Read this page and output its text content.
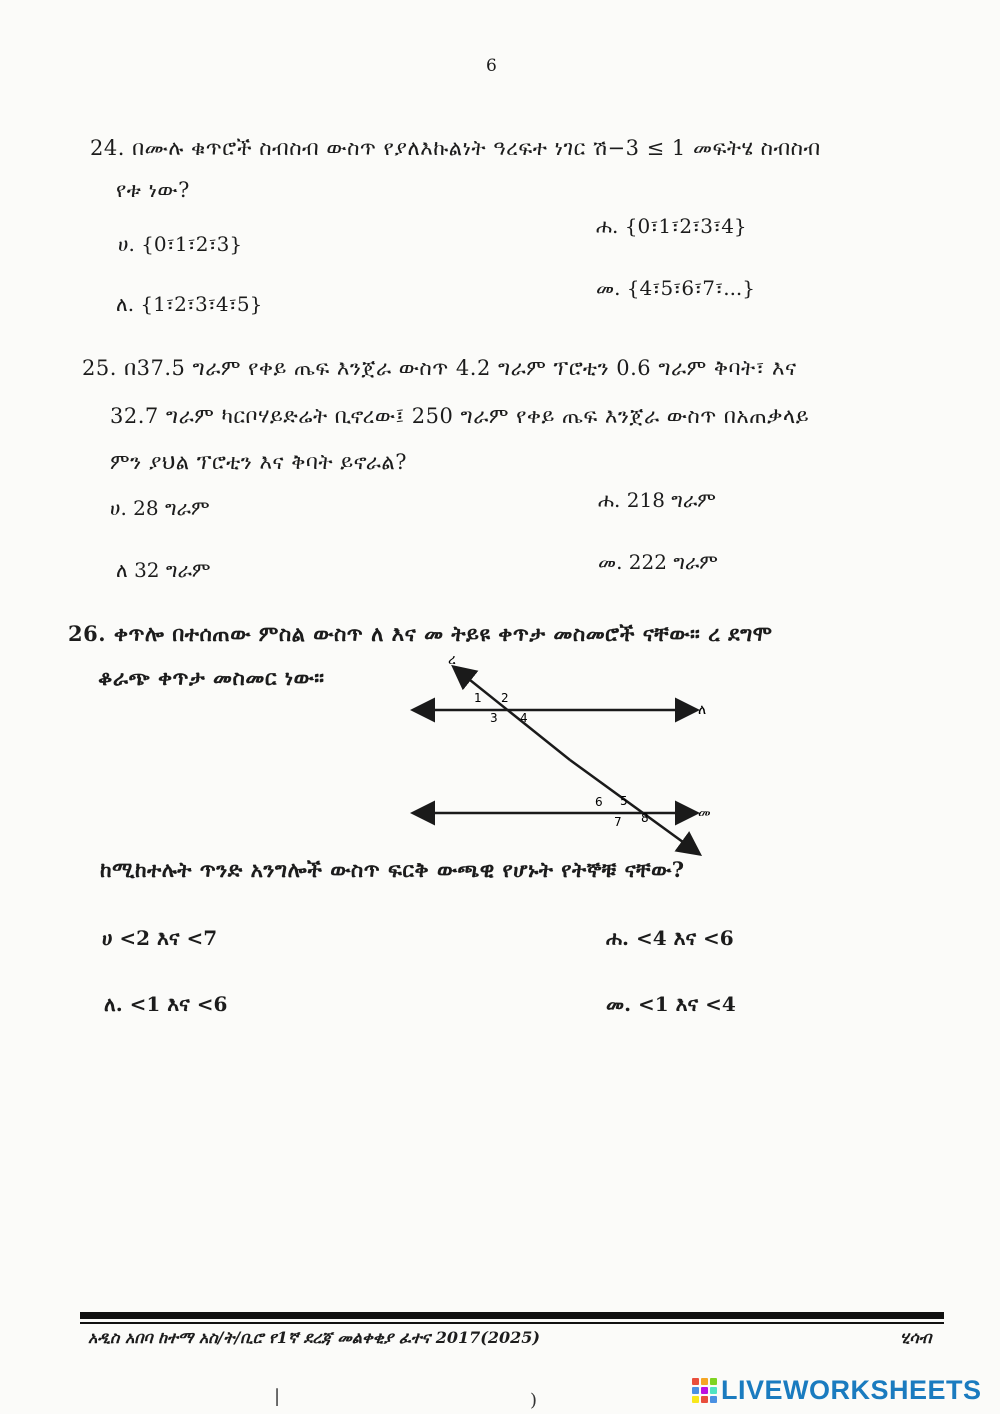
6
24. በሙሉ ቁጥሮች ስብስብ ውስጥ የያለእኩልነት ዓረፍተ ነገር ሽ−3 ≤ 1 መፍትሄ ስብስብ
የቱ ነው?
ሀ. {0፣1፣2፣3}
ለ. {1፣2፣3፣4፣5}
ሐ. {0፣1፣2፣3፣4}
መ. {4፣5፣6፣7፣...}
25. በ37.5 ግራም የቀይ ጤፍ እንጀራ ውስጥ 4.2 ግራም ፕሮቲን 0.6 ግራም ቅባት፣ እና
32.7 ግራም ካርቦሃይድሬት ቢኖረው፤ 250 ግራም የቀይ ጤፍ እንጀራ ውስጥ በአጠቃላይ
ምን ያህል ፕሮቲን እና ቅባት ይኖራል?
ሀ. 28 ግራም
ለ 32 ግራም
ሐ. 218 ግራም
መ. 222 ግራም
26. ቀጥሎ በተሰጠው ምስል ውስጥ ለ እና መ ትይዩ ቀጥታ መስመሮች ናቸው። ረ ደግሞ
ቆራጭ ቀጥታ መስመር ነው።
ረ
ለ
መ
1 2
3 4
5
6
7 8
ከሚከተሉት ጥንድ አንግሎች ውስጥ ፍርቅ ውጫዊ የሆኑት የትኞቹ ናቸው?
ሀ <2 እና <7
ለ. <1 እና <6
ሐ. <4 እና <6
መ. <1 እና <4
አዲስ አበባ ከተማ አስ/ት/ቢሮ የ1ኛ ደረጃ መልቀቂያ ፈተና 2017(2025)	ሂሳብ
|	)	LIVEWORKSHEETS
